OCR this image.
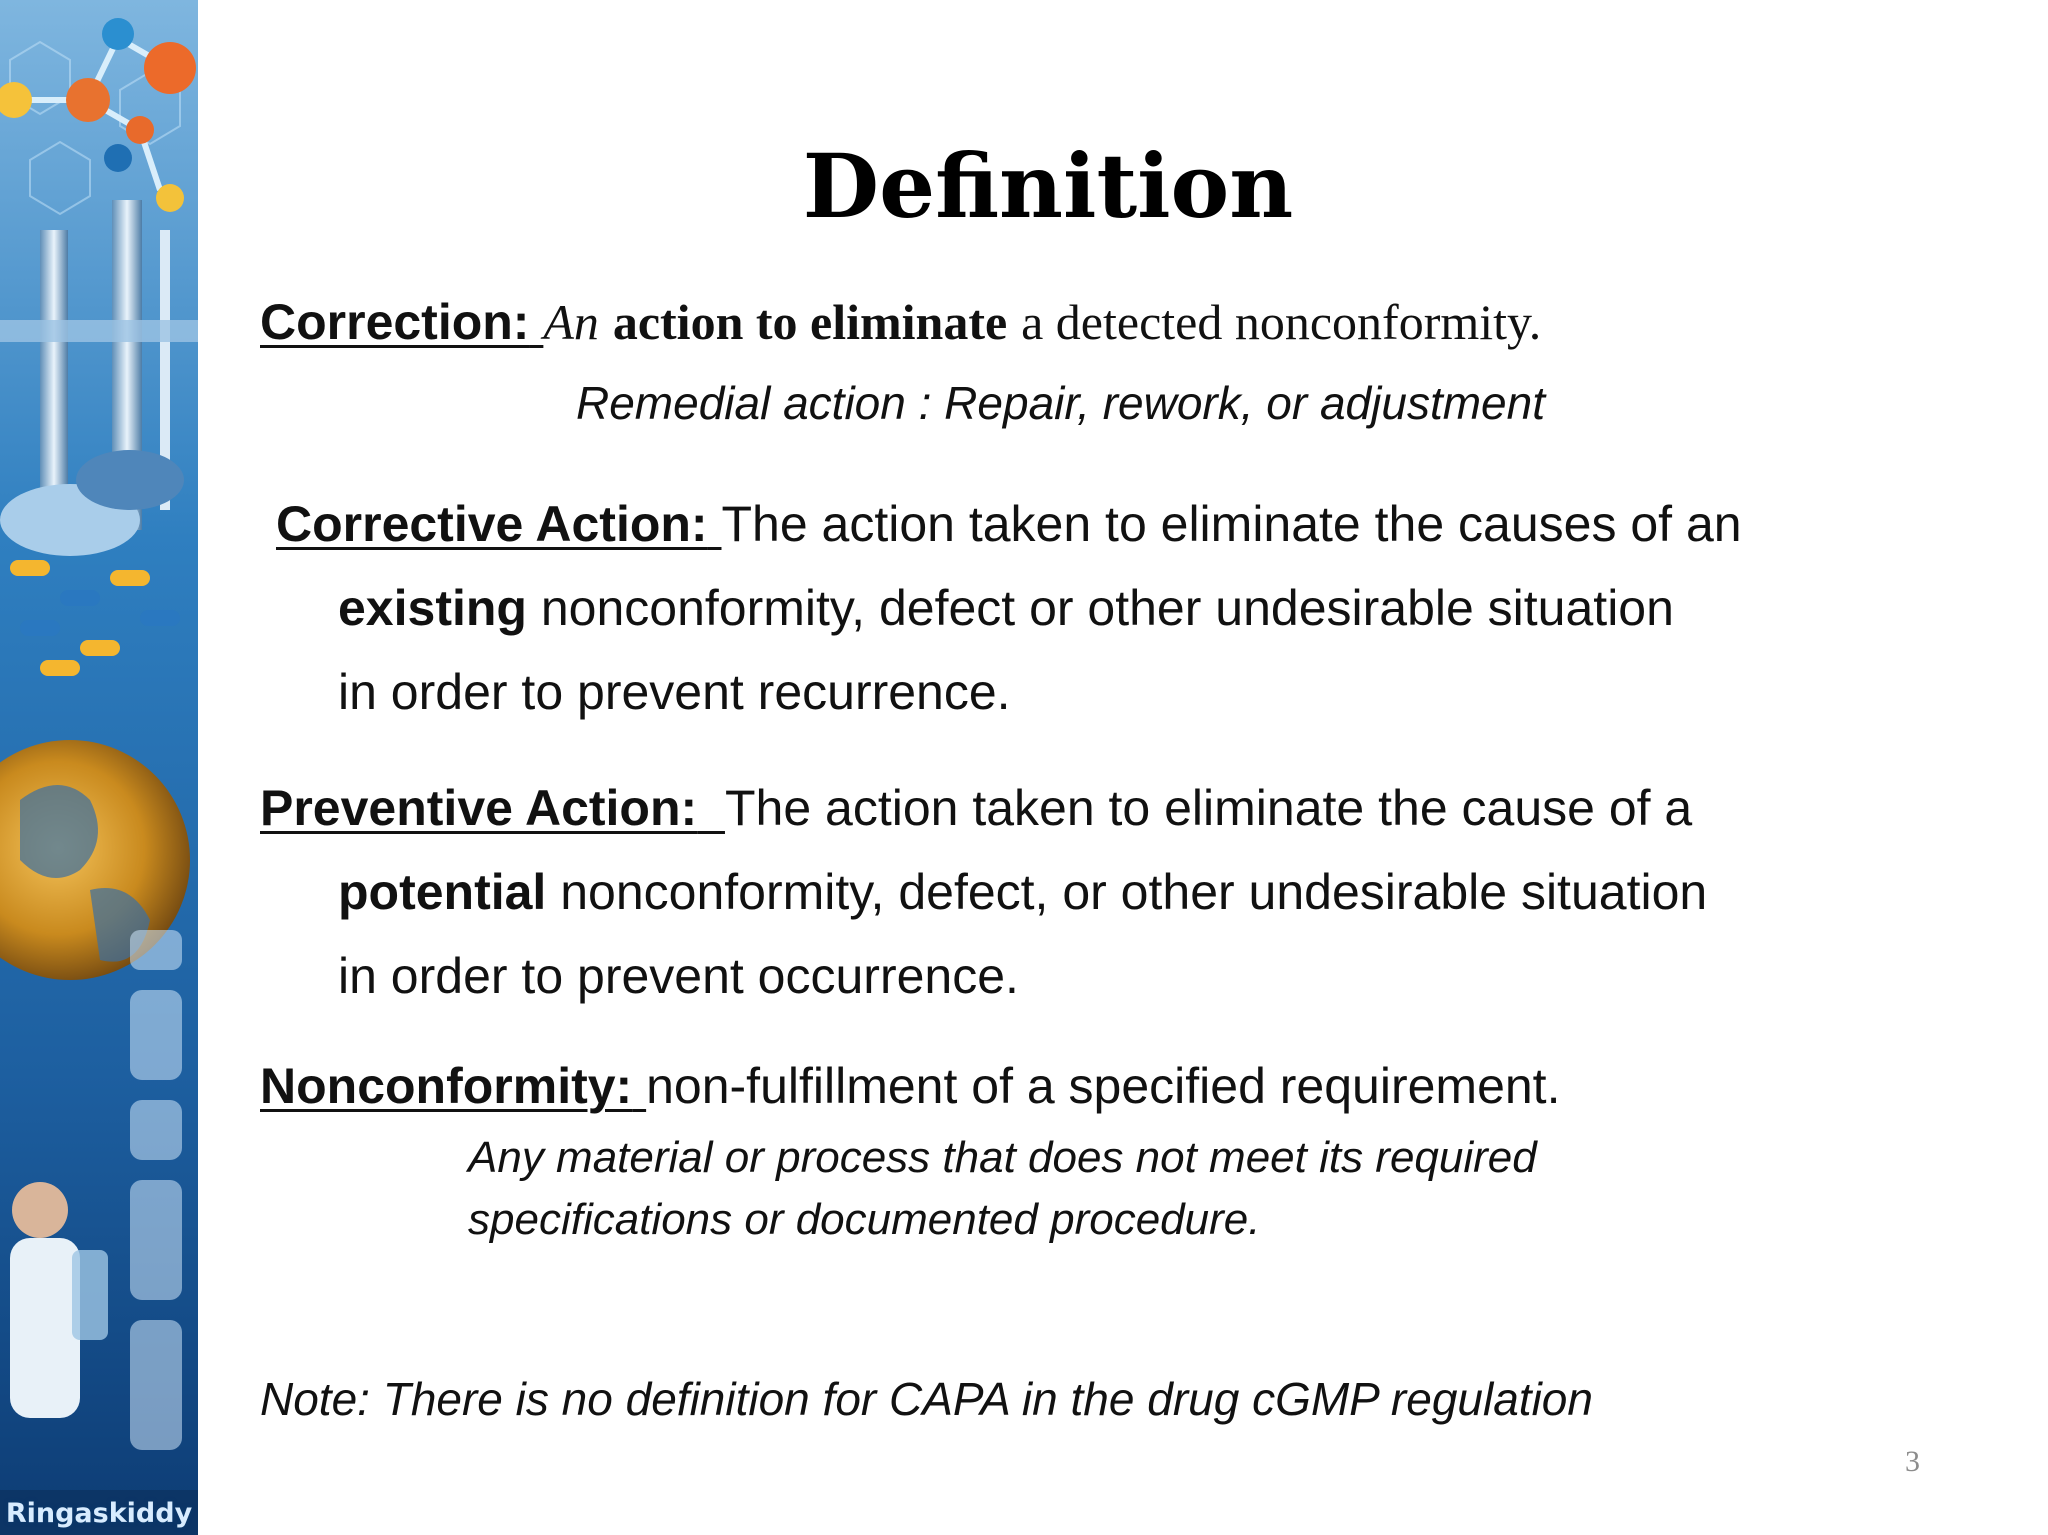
Ringaskiddy
Definition
Correction: An action to eliminate a detected nonconformity.
Remedial action : Repair, rework, or adjustment
Corrective Action: The action taken to eliminate the causes of an
existing nonconformity, defect or other undesirable situation
in order to prevent recurrence.
Preventive Action: The action taken to eliminate the cause of a
potential nonconformity, defect, or other undesirable situation
in order to prevent occurrence.
Nonconformity: non-fulfillment of a specified requirement.
Any material or process that does not meet its required
specifications or documented procedure.
Note: There is no definition for CAPA in the drug cGMP regulation
3
